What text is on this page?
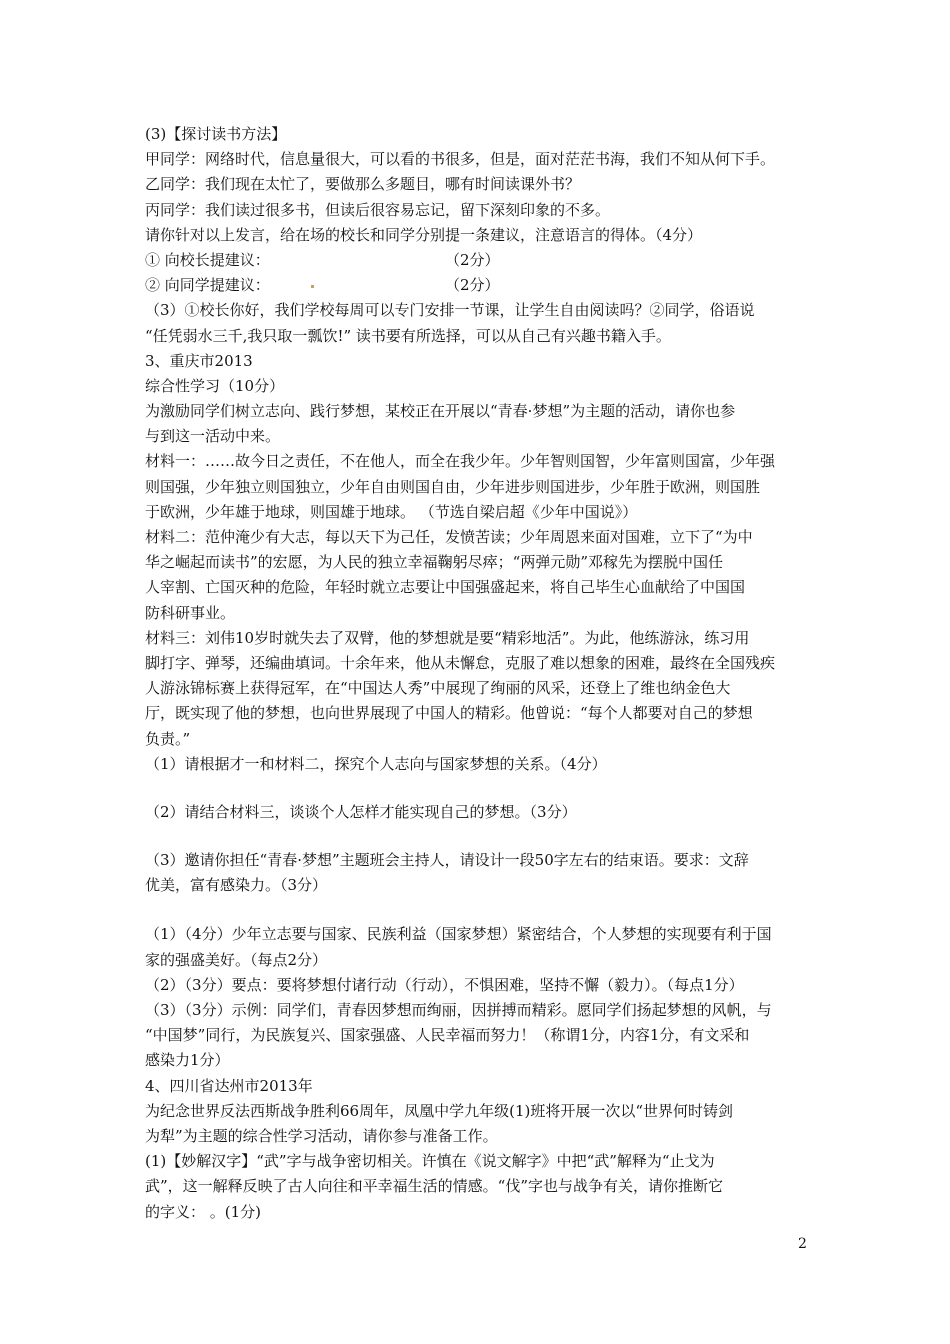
(3)【探讨读书方法】
甲同学：网络时代，信息量很大，可以看的书很多，但是，面对茫茫书海，我们不知从何下手。
乙同学：我们现在太忙了，要做那么多题目，哪有时间读课外书？
丙同学：我们读过很多书，但读后很容易忘记，留下深刻印象的不多。
请你针对以上发言，给在场的校长和同学分别提一条建议，注意语言的得体。（4分）
① 向校长提建议：	（2分）
② 向同学提建议：	（2分）
（3）①校长你好，我们学校每周可以专门安排一节课，让学生自由阅读吗？②同学，俗语说
“任凭弱水三千,我只取一瓢饮!” 读书要有所选择，可以从自己有兴趣书籍入手。
3、重庆市2013
综合性学习（10分）
为激励同学们树立志向、践行梦想，某校正在开展以“青春·梦想”为主题的活动，请你也参
与到这一活动中来。
材料一：……故今日之责任，不在他人，而全在我少年。少年智则国智，少年富则国富，少年强
则国强，少年独立则国独立，少年自由则国自由，少年进步则国进步，少年胜于欧洲，则国胜
于欧洲，少年雄于地球，则国雄于地球。 （节选自梁启超《少年中国说》）
材料二：范仲淹少有大志，每以天下为己任，发愤苦读；少年周恩来面对国难，立下了“为中
华之崛起而读书”的宏愿，为人民的独立幸福鞠躬尽瘁；“两弹元勋”邓稼先为摆脱中国任
人宰割、亡国灭种的危险，年轻时就立志要让中国强盛起来，将自己毕生心血献给了中国国
防科研事业。
材料三：刘伟10岁时就失去了双臂，他的梦想就是要“精彩地活”。为此，他练游泳，练习用
脚打字、弹琴，还编曲填词。十余年来，他从未懈怠，克服了难以想象的困难，最终在全国残疾
人游泳锦标赛上获得冠军，在“中国达人秀”中展现了绚丽的风采，还登上了维也纳金色大
厅，既实现了他的梦想，也向世界展现了中国人的精彩。他曾说：“每个人都要对自己的梦想
负责。”
（1）请根据才一和材料二，探究个人志向与国家梦想的关系。（4分）
（2）请结合材料三，谈谈个人怎样才能实现自己的梦想。（3分）
（3）邀请你担任“青春·梦想”主题班会主持人，请设计一段50字左右的结束语。要求：文辞
优美，富有感染力。（3分）
（1）（4分）少年立志要与国家、民族利益（国家梦想）紧密结合，个人梦想的实现要有利于国
家的强盛美好。（每点2分）
（2）（3分）要点：要将梦想付诸行动（行动），不惧困难，坚持不懈（毅力）。（每点1分）
（3）（3分）示例：同学们，青春因梦想而绚丽，因拼搏而精彩。愿同学们扬起梦想的风帆，与
“中国梦”同行，为民族复兴、国家强盛、人民幸福而努力！（称谓1分，内容1分，有文采和
感染力1分）
4、四川省达州市2013年
为纪念世界反法西斯战争胜利66周年，凤凰中学九年级(1)班将开展一次以“世界何时铸剑
为犁”为主题的综合性学习活动，请你参与准备工作。
(1)【妙解汉字】“武”字与战争密切相关。许慎在《说文解字》中把“武”解释为“止戈为
武”，这一解释反映了古人向往和平幸福生活的情感。“伐”字也与战争有关，请你推断它
的字义： 。(1分)
2
